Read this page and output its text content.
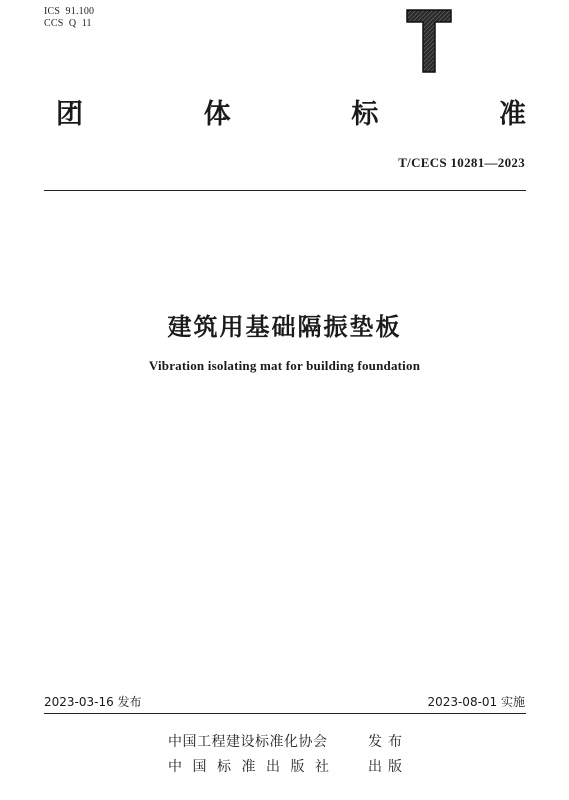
ICS  91.100
CCS  Q  11
团	体	标	准
T/CECS 10281—2023
建筑用基础隔振垫板
Vibration isolating mat for building foundation
2023-03-16 发布	2023-08-01 实施
中国工程建设标准化协会	发布
中国标准出版社 出版
